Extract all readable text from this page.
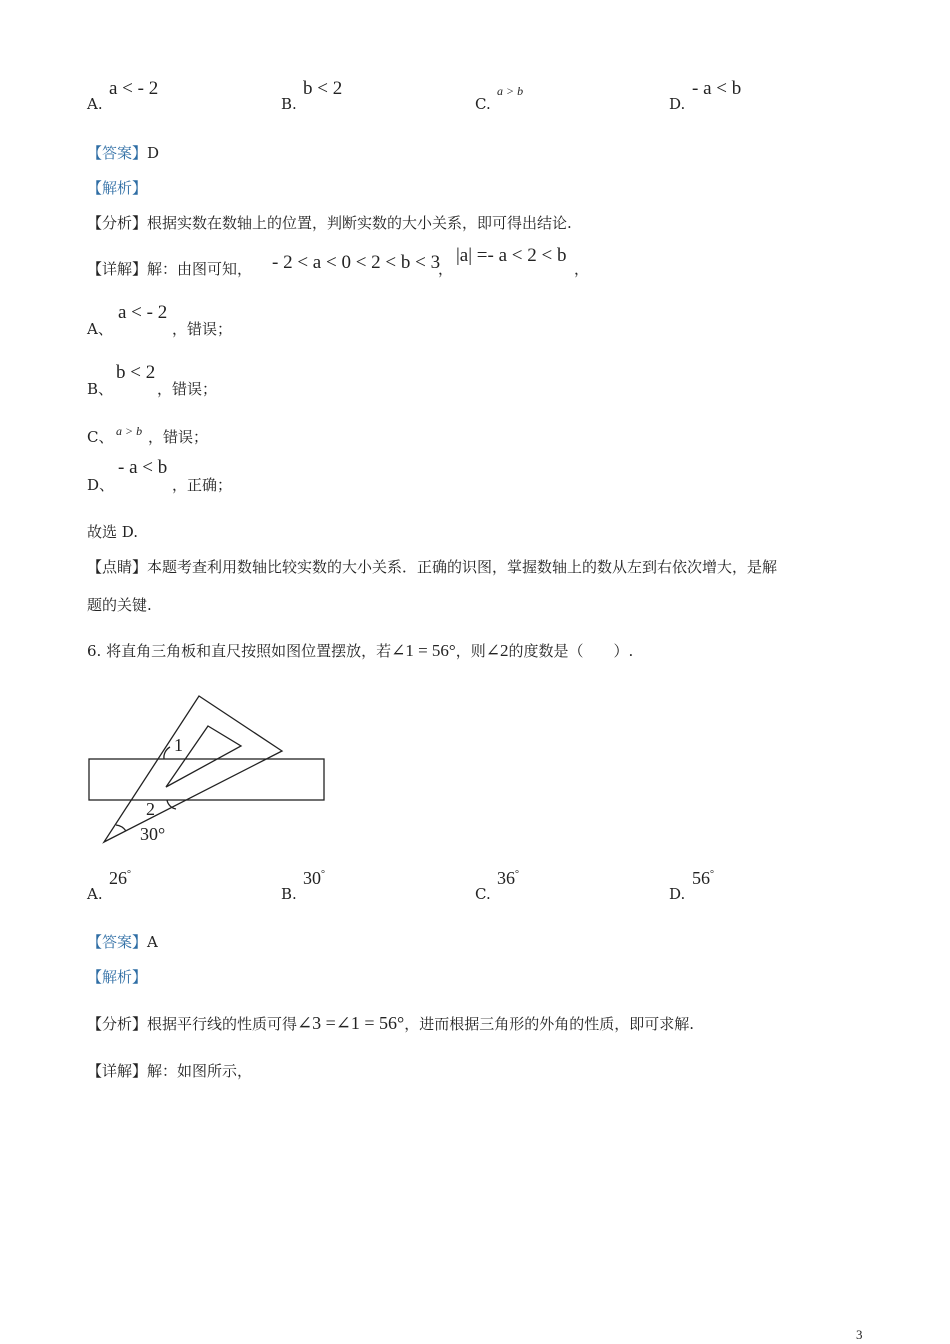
A.
a < - 2
B.
b < 2
C.
a > b
D.
- a < b
【答案】D
【解析】
【分析】根据实数在数轴上的位置，判断实数的大小关系，即可得出结论.
【详解】解：由图可知， - 2 < a < 0 < 2 < b < 3
，
|a| =- a < 2 < b
，
A、
a < - 2
，错误；
B、
b < 2
，错误；
C、 a > b ，错误；
D、
- a < b
，正确；
故选 D.
【点睛】本题考查利用数轴比较实数的大小关系．正确的识图，掌握数轴上的数从左到右依次增大，是解
题的关键.
6. 将直角三角板和直尺按照如图位置摆放，若∠1 = 56°，则∠2的度数是（　　）.
1
2
30°
A.
26°
B.
30°
C.
36°
D.
56°
【答案】A
【解析】
【分析】根据平行线的性质可得∠3 =∠1 = 56°，进而根据三角形的外角的性质，即可求解.
【详解】解：如图所示，
3
